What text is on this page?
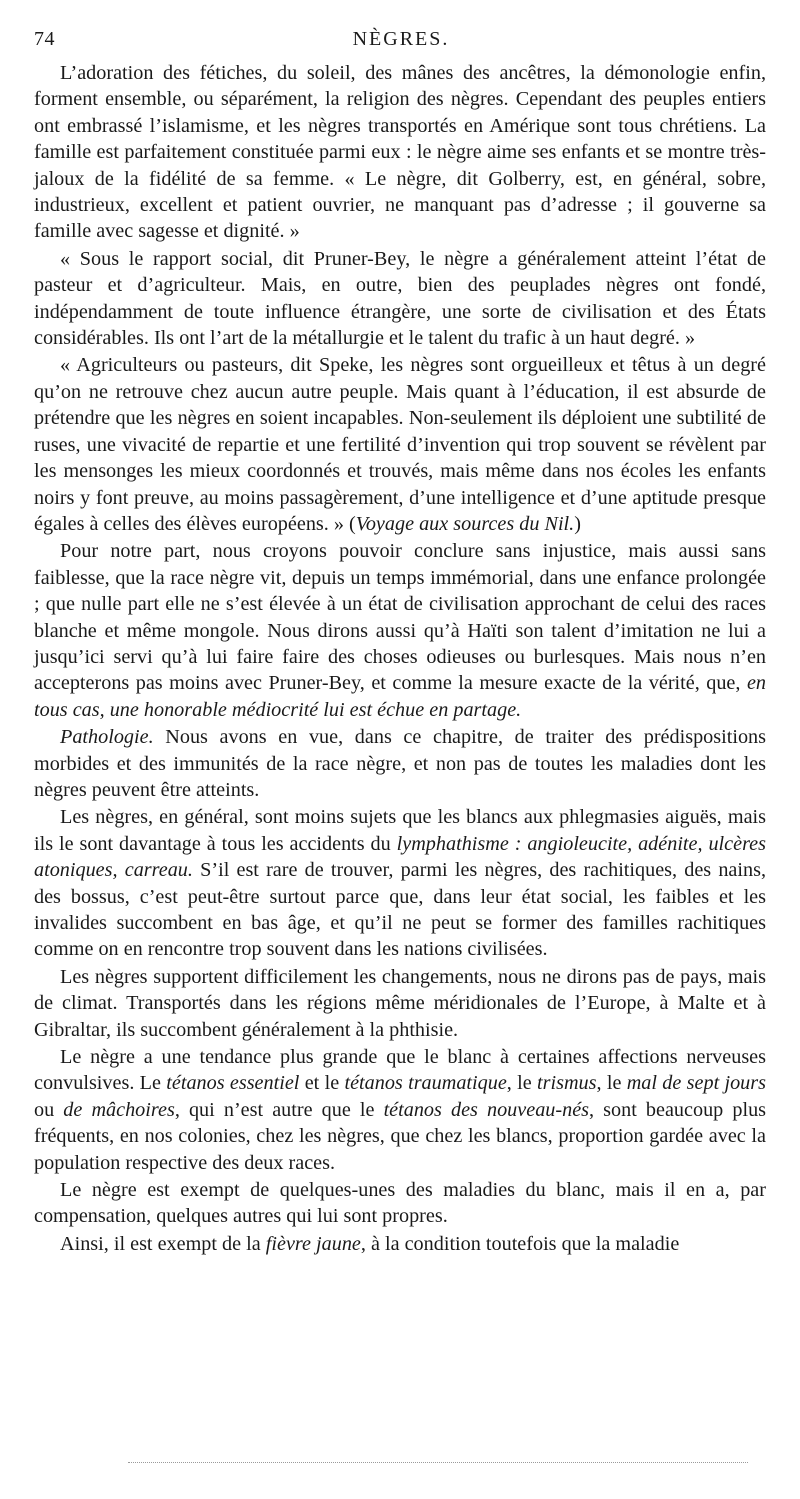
74	NÈGRES.

L’adoration des fétiches, du soleil, des mânes des ancêtres, la démonologie enfin, forment ensemble, ou séparément, la religion des nègres. Cependant des peuples entiers ont embrassé l’islamisme, et les nègres transportés en Amérique sont tous chrétiens. La famille est parfaitement constituée parmi eux : le nègre aime ses enfants et se montre très-jaloux de la fidélité de sa femme. « Le nègre, dit Golberry, est, en général, sobre, industrieux, excellent et patient ouvrier, ne manquant pas d’adresse ; il gouverne sa famille avec sagesse et dignité. »

« Sous le rapport social, dit Pruner-Bey, le nègre a généralement atteint l’état de pasteur et d’agriculteur. Mais, en outre, bien des peuplades nègres ont fondé, indépendamment de toute influence étrangère, une sorte de civilisation et des États considérables. Ils ont l’art de la métallurgie et le talent du trafic à un haut degré. »

« Agriculteurs ou pasteurs, dit Speke, les nègres sont orgueilleux et têtus à un degré qu’on ne retrouve chez aucun autre peuple. Mais quant à l’éducation, il est absurde de prétendre que les nègres en soient incapables. Non-seulement ils déploient une subtilité de ruses, une vivacité de repartie et une fertilité d’invention qui trop souvent se révèlent par les mensonges les mieux coordonnés et trouvés, mais même dans nos écoles les enfants noirs y font preuve, au moins passagèrement, d’une intelligence et d’une aptitude presque égales à celles des élèves européens. » (Voyage aux sources du Nil.)

Pour notre part, nous croyons pouvoir conclure sans injustice, mais aussi sans faiblesse, que la race nègre vit, depuis un temps immémorial, dans une enfance prolongée ; que nulle part elle ne s’est élevée à un état de civilisation approchant de celui des races blanche et même mongole. Nous dirons aussi qu’à Haïti son talent d’imitation ne lui a jusqu’ici servi qu’à lui faire faire des choses odieuses ou burlesques. Mais nous n’en accepterons pas moins avec Pruner-Bey, et comme la mesure exacte de la vérité, que, en tous cas, une honorable médiocrité lui est échue en partage.

Pathologie. Nous avons en vue, dans ce chapitre, de traiter des prédispositions morbides et des immunités de la race nègre, et non pas de toutes les maladies dont les nègres peuvent être atteints.

Les nègres, en général, sont moins sujets que les blancs aux phlegmasies aiguës, mais ils le sont davantage à tous les accidents du lymphathisme : angioleucite, adénite, ulcères atoniques, carreau. S’il est rare de trouver, parmi les nègres, des rachitiques, des nains, des bossus, c’est peut-être surtout parce que, dans leur état social, les faibles et les invalides succombent en bas âge, et qu’il ne peut se former des familles rachitiques comme on en rencontre trop souvent dans les nations civilisées.

Les nègres supportent difficilement les changements, nous ne dirons pas de pays, mais de climat. Transportés dans les régions même méridionales de l’Europe, à Malte et à Gibraltar, ils succombent généralement à la phthisie.

Le nègre a une tendance plus grande que le blanc à certaines affections nerveuses convulsives. Le tétanos essentiel et le tétanos traumatique, le trismus, le mal de sept jours ou de mâchoires, qui n’est autre que le tétanos des nouveau-nés, sont beaucoup plus fréquents, en nos colonies, chez les nègres, que chez les blancs, proportion gardée avec la population respective des deux races.

Le nègre est exempt de quelques-unes des maladies du blanc, mais il en a, par compensation, quelques autres qui lui sont propres.

Ainsi, il est exempt de la fièvre jaune, à la condition toutefois que la maladie
